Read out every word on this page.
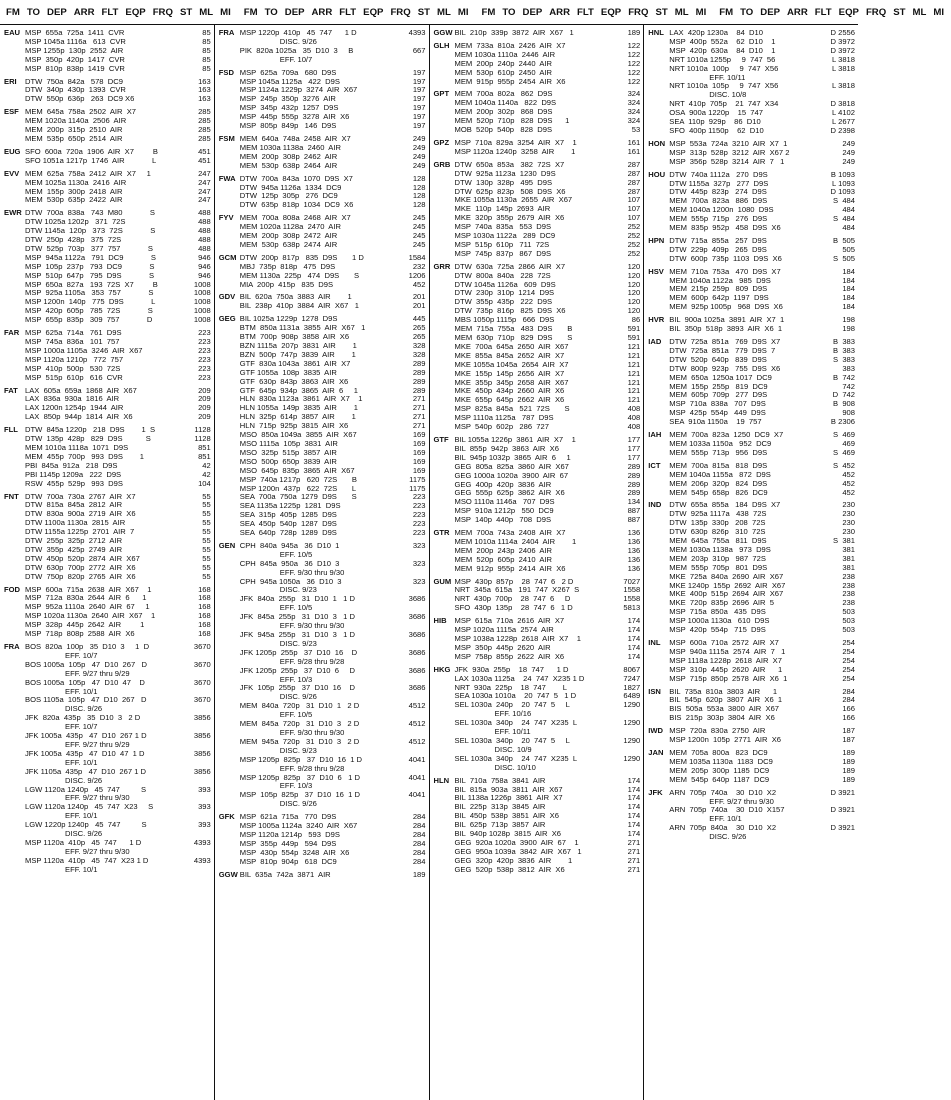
FM TO DEP ARR FLT EQP FRQ ST ML MI FM TO DEP ARR FLT EQP FRQ ST ML MI FM TO DEP ARR FLT EQP FRQ ST ML MI FM TO DEP ARR FLT EQP FRQ ST ML MI
EAU MSP  655a  725a  1411  CVR	85
MSP 1045a 1116a   613  CVR	85
MSP 1255p  130p  2552  AIR	85
MSP  350p  420p  1417  CVR	85
MSP  810p  838p  1419  CVR	85
ERI	DTW  750a  842a   578  DC9	163
DTW  340p  430p  1393  CVR	163
DTW  550p  636p   263  DC9 X6	163
ESF MEM  645a  758a  2502  AIR  X7	285
MEM 1020a 1140a  2506  AIR	285
MEM  200p  315p  2510  AIR	285
MEM  535p  650p  2514  AIR	285
EUG SFO  600a  720a  1906  AIR  X7         B	451
SFO 1051a 1217p  1746  AIR             L	451
EVV MEM  625a  758a  2412  AIR  X7     1	247
MEM 1025a 1130a  2416  AIR	247
MEM  155p  300p  2418  AIR	247
MEM  530p  635p  2422  AIR	247
EWR DTW  700a  838a   743  M80             S	488
DTW 1025a 1202p   371  72S	488
DTW 1145a  120p   373  72S             S	488
DTW  250p  428p   375  72S	488
DTW  525p  703p   377  757             S	488
MSP  945a 1122a   791  DC9             S	946
MSP  105p  237p   793  DC9             S	946
MSP  510p  647p   795  D9S             S	946
MSP  650a  827a   193  72S  X7         B	1008
MSP  925a 1105a   353  757             S	1008
MSP 1200n  140p   775  D9S             L	1008
MSP  420p  605p   785  72S             S	1008
MSP  655p  835p   309  757             D	1008
FAR MSP  625a  714a   761  D9S	223
MSP  745a  836a   101  757	223
MSP 1000a 1105a  3246  AIR  X67	223
MSP 1120a 1210p   772  757	223
MSP  410p  500p   530  72S	223
MSP  515p  610p   616  CVR	223
FAT LAX  605a  659a  1868  AIR  X67	209
LAX  836a  930a  1816  AIR	209
LAX 1200n 1254p  1944  AIR	209
LAX  850p  944p  1814  AIR  X6	209
FLL DTW  845a 1220p   218  D9S        1  S	1128
DTW  135p  428p   829  D9S           S	1128
MEM 1010a 1118a  1071  D9S	851
MEM  455p  700p   993  D9S        1	851
PBI  845a  912a   218  D9S	42
PBI 1145p 1209a   222  D9S	42
RSW  455p  529p   993  D9S	104
FNT DTW  700a  730a  2767  AIR  X7	55
DTW  815a  845a  2812  AIR	55
DTW  830a  900a  2719  AIR  X6	55
DTW 1100a 1130a  2815  AIR	55
DTW 1155a 1225p  2701  AIR  7	55
DTW  255p  325p  2712  AIR	55
DTW  355p  425p  2749  AIR	55
DTW  450p  520p  2874  AIR  X67	55
DTW  630p  700p  2772  AIR  X6	55
DTW  750p  820p  2765  AIR  X6	55
FOD MSP  600a  715a  2638  AIR  X67    1	168
MSP  712a  830a  2644  AIR  6      1	168
MSP  952a 1110a  2640  AIR  67     1	168
MSP 1020a 1130a  2640  AIR  X67    1	168
MSP  328p  445p  2642  AIR         1	168
MSP  718p  808p  2588  AIR  X6	168
FRA BOS  820a  100p   35  D10  3     1  D	3670
EFF. 10/7
BOS 1005a  105p   47  D10  267   D	3670
EFF. 9/27 thru 9/29
BOS 1005a  105p   47  D10  47    D	3670
EFF. 10/1
BOS 1105a  105p   47  D10  267   D	3670
DISC. 9/26
JFK  820a  435p   35  D10  3   2 D	3856
EFF. 10/7
JFK 1005a  435p   47  D10  267 1 D	3856
EFF. 9/27 thru 9/29
JFK 1005a  435p   47  D10  47  1 D	3856
EFF. 10/1
JFK 1105a  435p   47  D10  267 1 D	3856
DISC. 9/26
LGW 1120a 1240p   45  747          S	393
EFF. 9/27 thru 9/30
LGW 1120a 1240p   45  747  X23     S	393
EFF. 10/1
LGW 1220p 1240p   45  747          S	393
DISC. 9/26
MSP 1120a  410p   45  747      1 D	4393
EFF. 9/27 thru 9/30
MSP 1120a  410p   45  747  X23 1 D	4393
EFF. 10/1
FRA MSP 1220p  410p   45  747      1 D	4393
DISC. 9/26
PIK  820a 1025a   35  D10  3     B	667
EFF. 10/7
FSD MSP  625a  709a   680  D9S	197
MSP 1045a 1125a   422  D9S	197
MSP 1124a 1229p  3274  AIR  X67	197
MSP  245p  350p  3276  AIR	197
MSP  345p  432p  1257  D9S	197
MSP  445p  555p  3278  AIR  X6	197
MSP  805p  849p   146  D9S	197
FSM MEM  640a  748a  2458  AIR  X7	249
MEM 1030a 1138a  2460  AIR	249
MEM  200p  308p  2462  AIR	249
MEM  530p  638p  2464  AIR	249
FWA DTW  700a  843a  1070  D9S  X7	128
DTW  945a 1126a  1334  DC9	128
DTW  125p  305p   276  DC9	128
DTW  635p  818p  1034  DC9  X6	128
FYV MEM  700a  808a  2468  AIR  X7	245
MEM 1020a 1128a  2470  AIR	245
MEM  200p  308p  2472  AIR	245
MEM  530p  638p  2474  AIR	245
GCM DTW  200p  817p   835  D9S       1 D	1584
MBJ  735p  818p   475  D9S	232
MEM 1130a  225p   474  D9S       S	1206
MIA  200p  415p   835  D9S	452
GDV BIL  620a  750a  3883  AIR        1	201
BIL  238p  410p  3884  AIR  X67   1	201
GEG BIL 1025a 1229p  1278  D9S	445
BTM  850a 1131a  3855  AIR  X67   1	265
BTM  700p  908p  3858  AIR  X6	265
BZN 1115a  207p  3831  AIR        1	328
BZN  500p  747p  3839  AIR        1	328
GTF  830a 1043a  3861  AIR  X7	289
GTF 1055a  108p  3835  AIR	289
GTF  630p  843p  3863  AIR  X6	289
GTF  645p  934p  3865  AIR  6     1	289
HLN  830a 1123a  3861  AIR  X7    1	271
HLN 1055a  149p  3835  AIR        1	271
HLN  325p  614p  3857  AIR        1	271
HLN  715p  925p  3815  AIR  X6	271
MSO  850a 1049a  3855  AIR  X67	169
MSO 1115a  105p  3831  AIR	169
MSO  325p  515p  3857  AIR	169
MSO  500p  650p  3839  AIR	169
MSO  645p  835p  3865  AIR  X67	169
MSP  740a 1217p   620  72S       B	1175
MSP 1200n  437p   622  72S       L	1175
SEA  700a  750a  1279  D9S       S	223
SEA 1135a 1225p  1281  D9S	223
SEA  315p  405p  1285  D9S	223
SEA  450p  540p  1287  D9S	223
SEA  640p  728p  1289  D9S	223
GEN CPH  840a  945a   36  D10  1	323
EFF. 10/5
CPH  845a  950a   36  D10  3	323
EFF. 9/30 thru 9/30
CPH  945a 1050a   36  D10  3	323
DISC. 9/23
JFK  840a  255p   31  D10  1   1 D	3686
EFF. 10/5
JFK  845a  255p   31  D10  3   1 D	3686
EFF. 9/30 thru 9/30
JFK  945a  255p   31  D10  3   1 D	3686
DISC. 9/23
JFK 1205p  255p   37  D10  16    D	3686
EFF. 9/28 thru 9/28
JFK 1205p  255p   37  D10  6     D	3686
EFF. 10/3
JFK  105p  255p   37  D10  16    D	3686
DISC. 9/26
MEM  840a  720p   31  D10  1   2 D	4512
EFF. 10/5
MEM  845a  720p   31  D10  3   2 D	4512
EFF. 9/30 thru 9/30
MEM  945a  720p   31  D10  3   2 D	4512
DISC. 9/23
MSP 1205p  825p   37  D10  16  1 D	4041
EFF. 9/28 thru 9/28
MSP 1205p  825p   37  D10  6   1 D	4041
EFF. 10/3
MSP  105p  825p   37  D10  16  1 D	4041
DISC. 9/26
GFK MSP  621a  715a   770  D9S	284
MSP 1005a 1124a  3240  AIR  X67	284
MSP 1120a 1214p   593  D9S	284
MSP  355p  449p   594  D9S	284
MSP  430p  554p  3248  AIR  X6	284
MSP  810p  904p   618  DC9	284
GGW BIL  635a  742a  3871  AIR	189
GGW BIL  210p  339p  3872  AIR  X67   1	189
GLH MEM  733a  810a  2426  AIR  X7	122
MEM 1030a 1110a  2446  AIR	122
MEM  200p  240p  2440  AIR	122
MEM  530p  610p  2450  AIR	122
MEM  915p  955p  2454  AIR  X6	122
GPT MEM  700a  802a   862  D9S	324
MEM 1040a 1140a   822  D9S	324
MEM  200p  302p   868  D9S	324
MEM  520p  710p   828  D9S      1	324
MOB  520p  540p   828  D9S	53
GPZ MSP  710a  829a  3254  AIR  X7    1	161
MSP 1120a 1240p  3258  AIR        1	161
GRB DTW  650a  853a   382  72S  X7	287
DTW  925a 1123a  1230  D9S	287
DTW  130p  328p   495  D9S	287
DTW  625p  823p   508  D9S  X6	287
MKE 1055a 1130a  2655  AIR  X67	107
MKE  110p  145p  2693  AIR	107
MKE  320p  355p  2679  AIR  X6	107
MSP  740a  835a   553  D9S	252
MSP 1030a 1122a   289  DC9	252
MSP  515p  610p   711  72S	252
MSP  745p  837p   867  D9S	252
GRR DTW  630a  725a  2866  AIR  X7	120
DTW  800a  840a   228  72S	120
DTW 1045a 1126a   609  D9S	120
DTW  230p  310p  1214  D9S	120
DTW  355p  435p   222  D9S	120
DTW  735p  816p   825  D9S  X6	120
MBS 1050p 1115p   666  D9S	86
MEM  715a  755a   483  D9S       B	591
MEM  630p  710p   829  D9S       S	591
MKE  700a  645a  2650  AIR  X67	121
MKE  855a  845a  2652  AIR  X7	121
MKE 1055a 1045a  2654  AIR  X7	121
MKE  155p  145p  2656  AIR  X7	121
MKE  355p  345p  2658  AIR  X67	121
MKE  450p  434p  2660  AIR  X6	121
MKE  655p  645p  2662  AIR  X6	121
MSP  825a  845a   521  72S       S	408
MSP 1110a 1125a   787  D9S	408
MSP  540p  602p   286  727	408
GTF BIL 1055a 1226p  3861  AIR  X7    1	177
BIL  855p  942p  3863  AIR  X6	177
BIL  945p 1032p  3865  AIR  6     1	177
GEG  805a  825a  3860  AIR  X67	289
GEG 1000a 1020a  3900  AIR  67	289
GEG  400p  420p  3836  AIR	289
GEG  555p  625p  3862  AIR  X6	289
MSO 1110a 1146a   707  D9S	134
MSP  910a 1212p   550  DC9	887
MSP  140p  440p   708  D9S	887
GTR MEM  700a  743a  2408  AIR  X7	136
MEM 1010a 1114a  2404  AIR        1	136
MEM  200p  243p  2406  AIR	136
MEM  520p  605p  2410  AIR	136
MEM  912p  955p  2414  AIR  X6	136
GUM MSP  430p  857p    28  747  6   2 D	7027
NRT  345a  615a   191  747  X267  S	1558
NRT  430p  700p    28  747  6     D	1558
SFO  430p  135p    28  747  6   1 D	5813
HIB	MSP  615a  710a  2616  AIR  X7	174
MSP 1020a 1115a  2574  AIR	174
MSP 1038a 1228p  2618  AIR  X7    1	174
MSP  350p  445p  2620  AIR	174
MSP  758p  855p  2622  AIR  X6	174
HKG JFK  930a  255p    18  747      1 D	8067
LAX 1030a 1125a    24  747  X235 1 D	7247
NRT  930a  225p    18  747        L	1827
SEA 1030a 1010a    20  747  5   1 D	6489
SEL 1030a  240p    20  747  5     L	1290
EFF. 10/16
SEL 1030a  340p    24  747  X235  L	1290
EFF. 10/11
SEL 1030a  340p    20  747  5     L	1290
DISC. 10/9
SEL 1030a  340p    24  747  X235  L	1290
DISC. 10/10
HLN BIL  710a  758a  3841  AIR	174
BIL  815a  903a  3811  AIR  X67	174
BIL 1138a 1226p  3861  AIR  X7	174
BIL  225p  313p  3845  AIR	174
BIL  450p  538p  3851  AIR  X6	174
BIL  625p  713p  3857  AIR	174
BIL  940p 1028p  3815  AIR  X6	174
GEG  920a 1020a  3900  AIR  67    1	271
GEG  950a 1039a  3842  AIR  X67   1	271
GEG  320p  420p  3836  AIR        1	271
GEG  520p  538p  3812  AIR  X6	271
HNL LAX  420p 1230a    84  D10	D 2556
MSP  400p  552a    62  D10    1	D 3972
MSP  420p  630a    84  D10    1	D 3972
NRT 1010a 1255p     9  747  56	L 3818
NRT 1010a  100p     9  747  X56	L 3818
EFF. 10/11
NRT 1010a  105p     9  747  X56	L 3818
DISC. 10/8
NRT  410p  705p    21  747  X34	D 3818
OSA  900a 1220p    15  747	L 4102
SEA  110p  929p    86  D10	L 2677
SFO  400p 1150p    62  D10	D 2398
HON MSP  553a  724a  3210  AIR  X7  1	249
MSP  313p  528p  3212  AIR  X67 2	249
MSP  356p  528p  3214  AIR  7   1	249
HOU DTW  740a 1112a   270  D9S	B 1093
DTW 1155a  327p   277  D9S	L 1093
DTW  445p  823p   274  D9S	D 1093
MEM  700a  823a   886  D9S	S  484
MEM 1040a 1200n  1080  D9S	484
MEM  555p  715p   276  D9S	S  484
MEM  835p  952p   458  D9S  X6	484
HPN DTW  715a  855a   257  D9S	B  505
DTW  229p  409p   265  D9S	505
DTW  600p  735p  1103  D9S  X6	S  505
HSV MEM  710a  753a   470  D9S  X7	184
MEM 1040a 1122a   985  D9S	184
MEM  215p  259p   809  D9S	184
MEM  600p  642p  1197  D9S	184
MEM  925p 1005p   968  D9S  X6	184
HVR BIL  900a 1025a  3891  AIR  X7  1	198
BIL  350p  518p  3893  AIR  X6  1	198
IAD	DTW  725a  851a   769  D9S  X7	B  383
DTW  725a  851a   779  D9S  7	B  383
DTW  520p  640p   839  D9S	S  383
DTW  800p  923p   755  D9S  X6	383
MEM  650a  1250a 1017  DC9	B  742
MEM  155p  255p   819  DC9	742
MEM  605p  709p   277  D9S	D  742
MSP  710a  838a   707  D9S	B  908
MSP  425p  554p   449  D9S	908
SEA  910a 1150a    19  757	B 2306
IAH	MEM  700a  823a  1250  DC9  X7	S  469
MEM 1033a 1150a   952  DC9	469
MEM  555p  713p   956  D9S	S  469
ICT	MEM  700a  815a   818  D9S	S  452
MEM 1040a 1155a   872  D9S	452
MEM  206p  320p   824  D9S	452
MEM  545p  658p   826  DC9	452
IND	DTW  655a  855a   184  D9S  X7	230
DTW  925a 1117a   438  72S	230
DTW  135p  330p   208  72S	230
DTW  630p  826p   310  72S	230
MEM  645a  755a   811  D9S	S  381
MEM 1030a 1138a   973  D9S	381
MEM  203p  310p   987  72S	381
MEM  555p  705p   801  D9S	381
MKE  725a  840a  2690  AIR  X67	238
MKE 1240p  155p  2692  AIR  X67	238
MKE  400p  515p  2694  AIR  X67	238
MKE  720p  835p  2696  AIR  5	238
MSP  715a  850a   435  D9S	503
MSP 1000a 1130a   610  D9S	503
MSP  420p  554p   715  D9S	503
INL	MSP  600a  710a  2572  AIR  X7	254
MSP  940a 1115a  2574  AIR  7   1	254
MSP 1118a 1228p  2618  AIR  X7	254
MSP  310p  445p  2620  AIR      1	254
MSP  715p  850p  2578  AIR  X6  1	254
ISN	BIL  735a  810a  3803  AIR      1	284
BIL  545p  620p  3807  AIR  X6  1	284
BIS  505a  553a  3800  AIR  X67	166
BIS  215p  303p  3804  AIR  X6	166
IWD MSP  720a  830a  2750  AIR	187
MSP 1200n  105p  2771  AIR  X6	187
JAN MEM  705a  800a   823  DC9	189
MEM 1035a 1130a  1183  DC9	189
MEM  205p  300p  1185  DC9	189
MEM  545p  640p  1187  DC9	189
JFK ARN  705p  740a    30  D10  X2	D 3921
EFF. 9/27 thru 9/30
ARN  705p  740a    30  D10  X157	D 3921
EFF. 10/1
ARN  705p  840a    30  D10  X2	D 3921
DISC. 9/26
